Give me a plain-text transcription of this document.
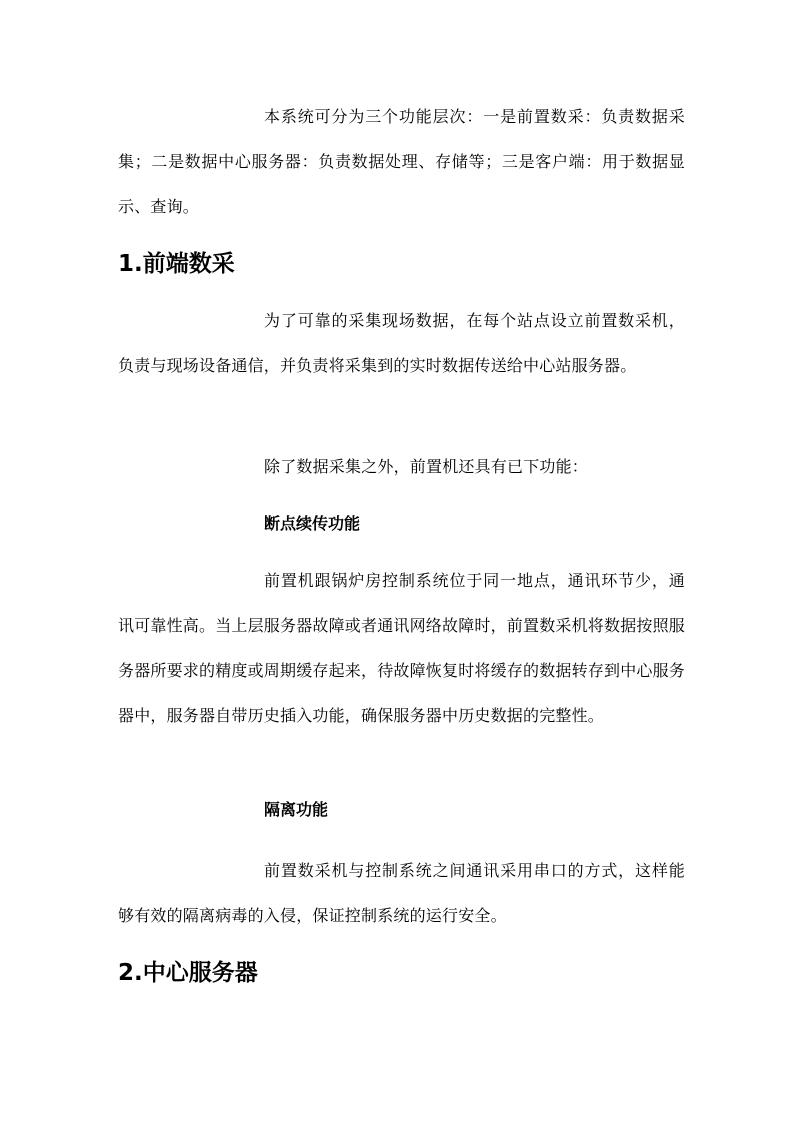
本系统可分为三个功能层次：一是前置数采：负责数据采集；二是数据中心服务器：负责数据处理、存储等；三是客户端：用于数据显示、查询。

1.前端数采

为了可靠的采集现场数据，在每个站点设立前置数采机，负责与现场设备通信，并负责将采集到的实时数据传送给中心站服务器。

除了数据采集之外，前置机还具有已下功能：

断点续传功能

前置机跟锅炉房控制系统位于同一地点，通讯环节少，通讯可靠性高。当上层服务器故障或者通讯网络故障时，前置数采机将数据按照服务器所要求的精度或周期缓存起来，待故障恢复时将缓存的数据转存到中心服务器中，服务器自带历史插入功能，确保服务器中历史数据的完整性。

隔离功能

前置数采机与控制系统之间通讯采用串口的方式，这样能够有效的隔离病毒的入侵，保证控制系统的运行安全。

2.中心服务器
